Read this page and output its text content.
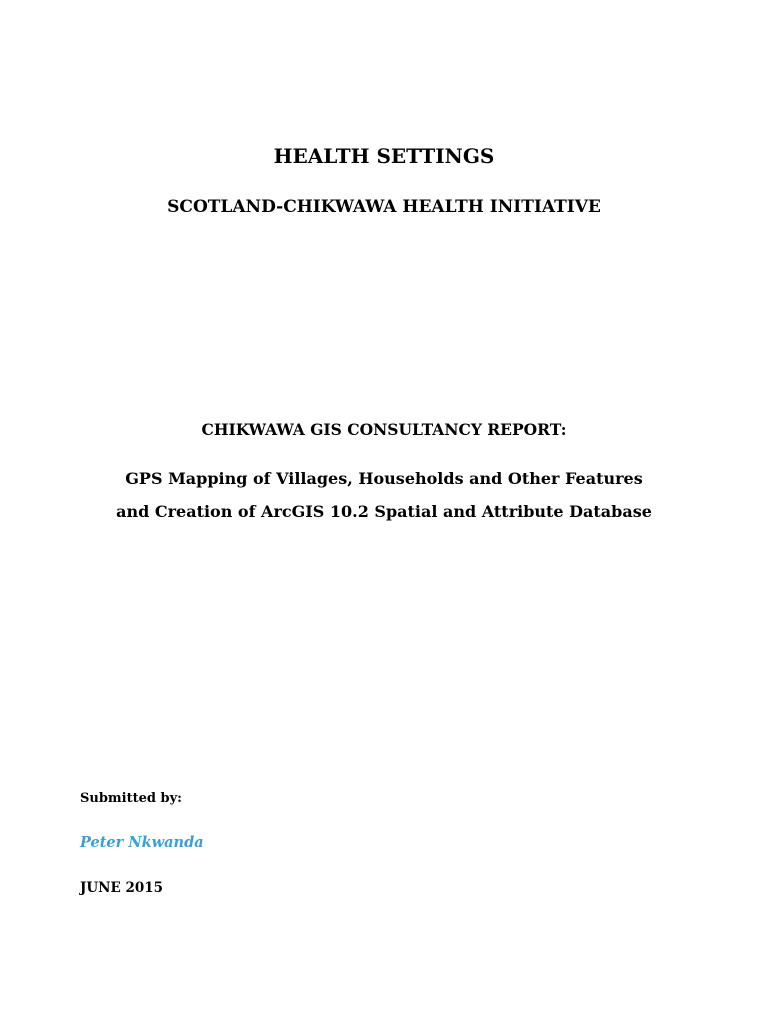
HEALTH SETTINGS
SCOTLAND-CHIKWAWA HEALTH INITIATIVE
CHIKWAWA GIS CONSULTANCY REPORT:
GPS Mapping of Villages, Households and Other Features
and Creation of ArcGIS 10.2 Spatial and Attribute Database
Submitted by:
Peter Nkwanda
JUNE 2015
